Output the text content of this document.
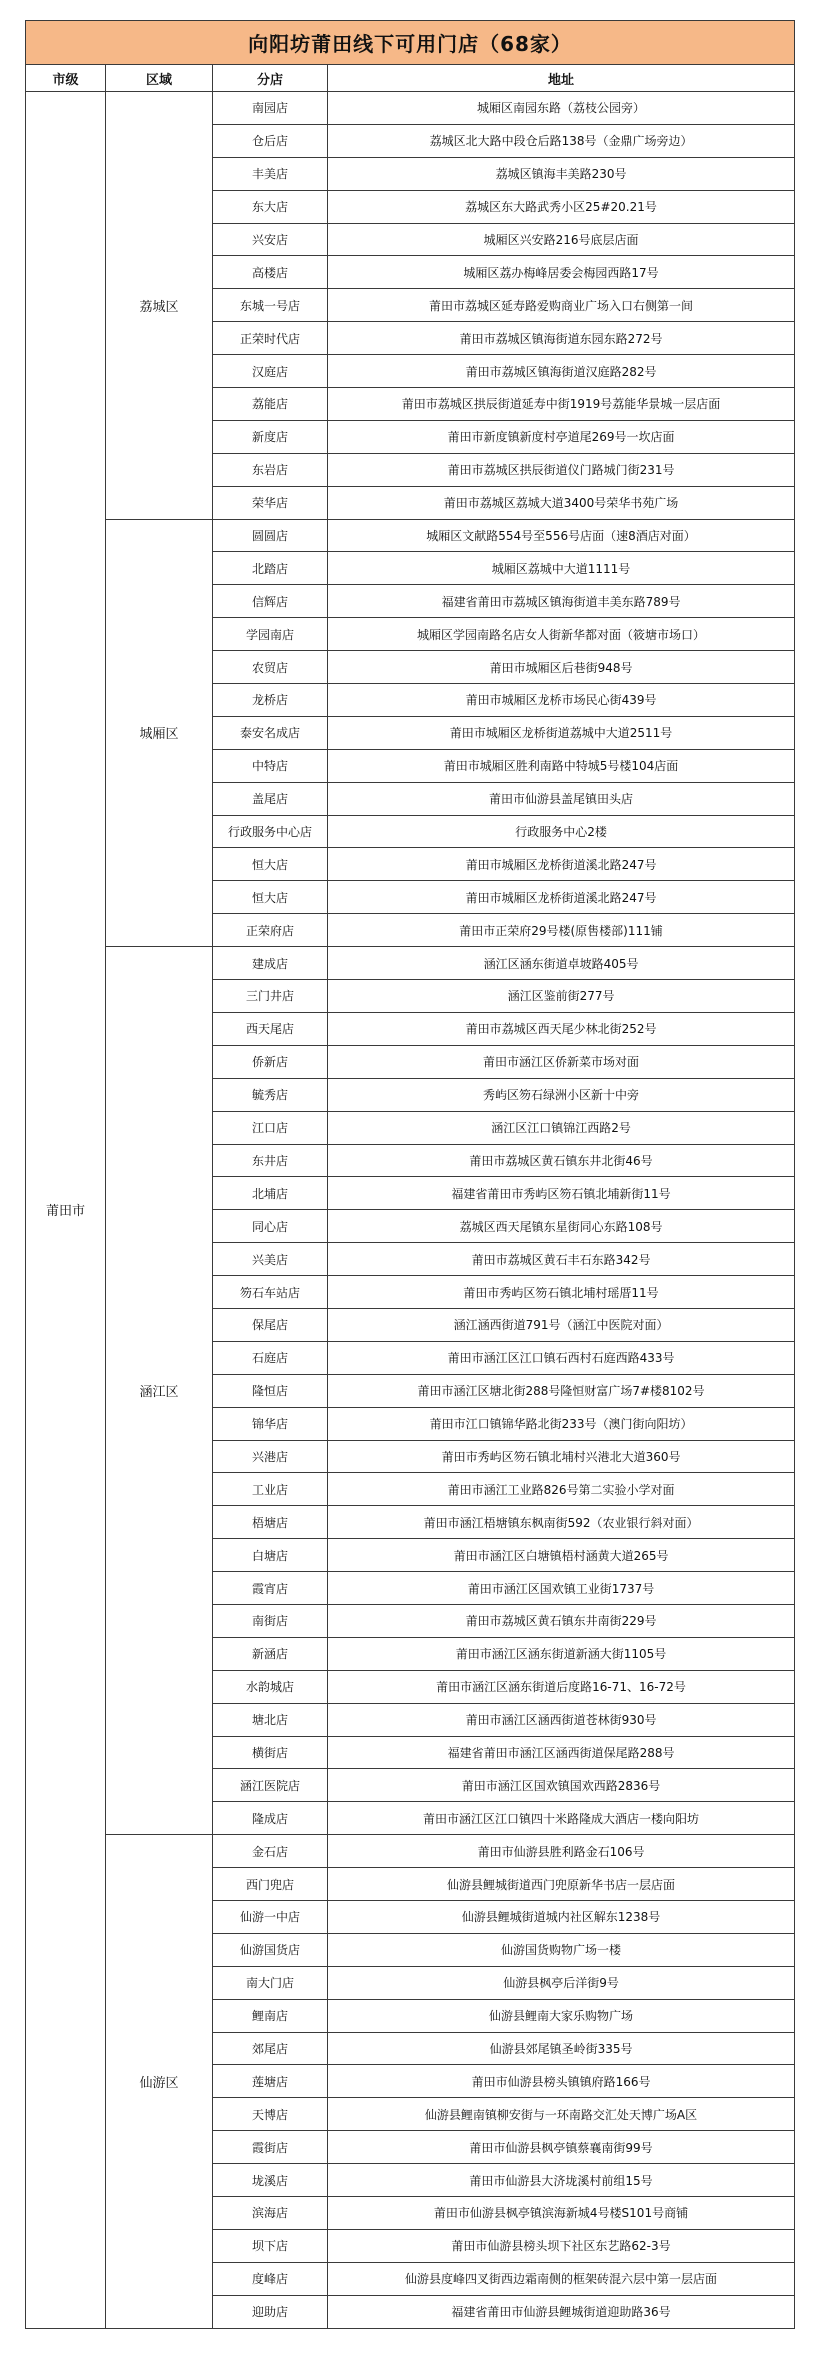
向阳坊莆田线下可用门店（68家）			
市级	区域	分店	地址
莆田市	荔城区	南园店	城厢区南园东路（荔枝公园旁）
		仓后店	荔城区北大路中段仓后路138号（金鼎广场旁边）
		丰美店	荔城区镇海丰美路230号
		东大店	荔城区东大路武秀小区25#20.21号
		兴安店	城厢区兴安路216号底层店面
		高楼店	城厢区荔办梅峰居委会梅园西路17号
		东城一号店	莆田市荔城区延寿路爱购商业广场入口右侧第一间
		正荣时代店	莆田市荔城区镇海街道东园东路272号
		汉庭店	莆田市荔城区镇海街道汉庭路282号
		荔能店	莆田市荔城区拱辰街道延寿中街1919号荔能华景城一层店面
		新度店	莆田市新度镇新度村亭道尾269号一坎店面
		东岩店	莆田市荔城区拱辰街道仪门路城门街231号
		荣华店	莆田市荔城区荔城大道3400号荣华书苑广场
	城厢区	圆圆店	城厢区文献路554号至556号店面（速8酒店对面）
		北踏店	城厢区荔城中大道1111号
		信辉店	福建省莆田市荔城区镇海街道丰美东路789号
		学园南店	城厢区学园南路名店女人街新华都对面（筱塘市场口）
		农贸店	莆田市城厢区后巷街948号
		龙桥店	莆田市城厢区龙桥市场民心街439号
		泰安名成店	莆田市城厢区龙桥街道荔城中大道2511号
		中特店	莆田市城厢区胜利南路中特城5号楼104店面
		盖尾店	莆田市仙游县盖尾镇田头店
		行政服务中心店	行政服务中心2楼
		恒大店	莆田市城厢区龙桥街道溪北路247号
		恒大店	莆田市城厢区龙桥街道溪北路247号
		正荣府店	莆田市正荣府29号楼(原售楼部)111铺
	涵江区	建成店	涵江区涵东街道卓坡路405号
		三门井店	涵江区鉴前街277号
		西天尾店	莆田市荔城区西天尾少林北街252号
		侨新店	莆田市涵江区侨新菜市场对面
		毓秀店	秀屿区笏石绿洲小区新十中旁
		江口店	涵江区江口镇锦江西路2号
		东井店	莆田市荔城区黄石镇东井北街46号
		北埔店	福建省莆田市秀屿区笏石镇北埔新街11号
		同心店	荔城区西天尾镇东星街同心东路108号
		兴美店	莆田市荔城区黄石丰石东路342号
		笏石车站店	莆田市秀屿区笏石镇北埔村瑶厝11号
		保尾店	涵江涵西街道791号（涵江中医院对面）
		石庭店	莆田市涵江区江口镇石西村石庭西路433号
		隆恒店	莆田市涵江区塘北街288号隆恒财富广场7#楼8102号
		锦华店	莆田市江口镇锦华路北街233号（澳门街向阳坊）
		兴港店	莆田市秀屿区笏石镇北埔村兴港北大道360号
		工业店	莆田市涵江工业路826号第二实验小学对面
		梧塘店	莆田市涵江梧塘镇东枫南街592（农业银行斜对面）
		白塘店	莆田市涵江区白塘镇梧村涵黄大道265号
		霞宵店	莆田市涵江区国欢镇工业街1737号
		南街店	莆田市荔城区黄石镇东井南街229号
		新涵店	莆田市涵江区涵东街道新涵大街1105号
		水韵城店	莆田市涵江区涵东街道后度路16-71、16-72号
		塘北店	莆田市涵江区涵西街道苍林街930号
		横街店	福建省莆田市涵江区涵西街道保尾路288号
		涵江医院店	莆田市涵江区国欢镇国欢西路2836号
		隆成店	莆田市涵江区江口镇四十米路隆成大酒店一楼向阳坊
	仙游区	金石店	莆田市仙游县胜利路金石106号
		西门兜店	仙游县鲤城街道西门兜原新华书店一层店面
		仙游一中店	仙游县鲤城街道城内社区解东1238号
		仙游国货店	仙游国货购物广场一楼
		南大门店	仙游县枫亭后洋街9号
		鲤南店	仙游县鲤南大家乐购物广场
		郊尾店	仙游县郊尾镇圣岭街335号
		莲塘店	莆田市仙游县榜头镇镇府路166号
		天博店	仙游县鲤南镇柳安街与一环南路交汇处天博广场A区
		霞街店	莆田市仙游县枫亭镇蔡襄南街99号
		垅溪店	莆田市仙游县大济垅溪村前组15号
		滨海店	莆田市仙游县枫亭镇滨海新城4号楼S101号商铺
		坝下店	莆田市仙游县榜头坝下社区东艺路62-3号
		度峰店	仙游县度峰四叉街西边霜南侧的框架砖混六层中第一层店面
		迎助店	福建省莆田市仙游县鲤城街道迎助路36号
